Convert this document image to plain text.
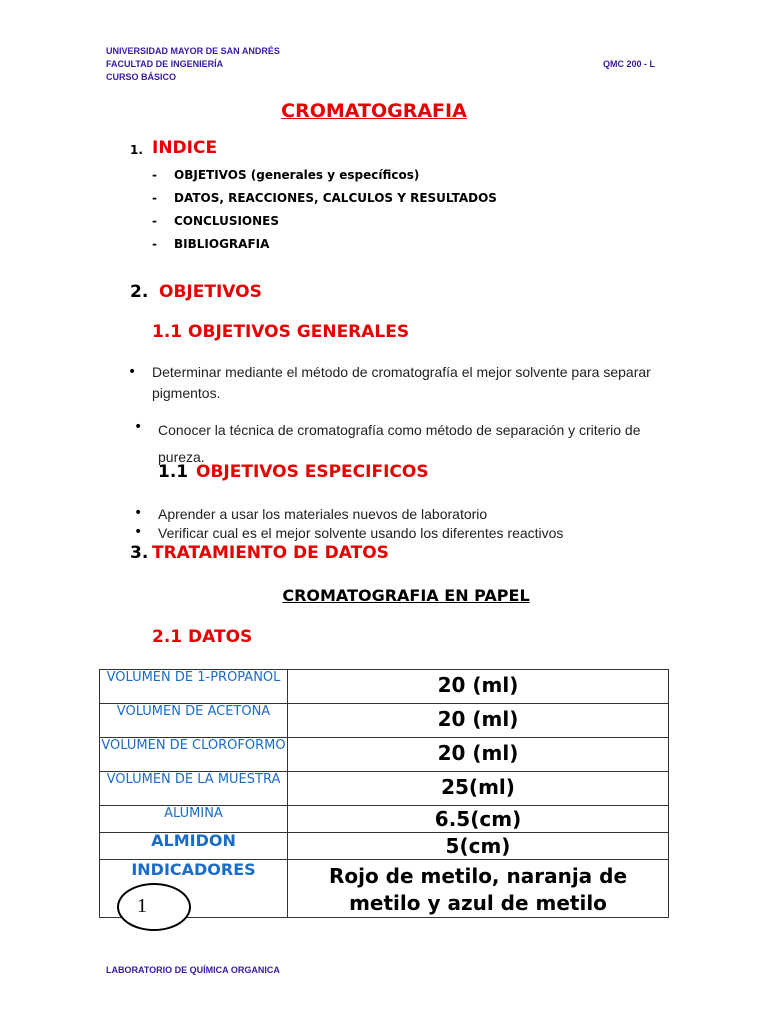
UNIVERSIDAD MAYOR DE SAN ANDRÉS
FACULTAD DE INGENIERÍA
CURSO BÁSICO
QMC 200 - L
CROMATOGRAFIA
1. INDICE
- OBJETIVOS (generales y específicos)
- DATOS, REACCIONES, CALCULOS Y RESULTADOS
- CONCLUSIONES
- BIBLIOGRAFIA
2. OBJETIVOS
1.1 OBJETIVOS GENERALES
• Determinar mediante el método de cromatografía el mejor solvente para separar pigmentos.
• Conocer la técnica de cromatografía como método de separación y criterio de pureza.
1.1 OBJETIVOS ESPECIFICOS
• Aprender a usar los materiales nuevos de laboratorio
• Verificar cual es el mejor solvente usando los diferentes reactivos
3. TRATAMIENTO DE DATOS
CROMATOGRAFIA EN PAPEL
2.1 DATOS
VOLUMEN DE 1-PROPANOL	20 (ml)
VOLUMEN DE ACETONA	20 (ml)
VOLUMEN DE CLOROFORMO	20 (ml)
VOLUMEN DE LA MUESTRA	25(ml)
ALUMINA	6.5(cm)
ALMIDON	5(cm)
INDICADORES	Rojo de metilo, naranja de metilo y azul de metilo
1
LABORATORIO DE QUÍMICA ORGANICA
